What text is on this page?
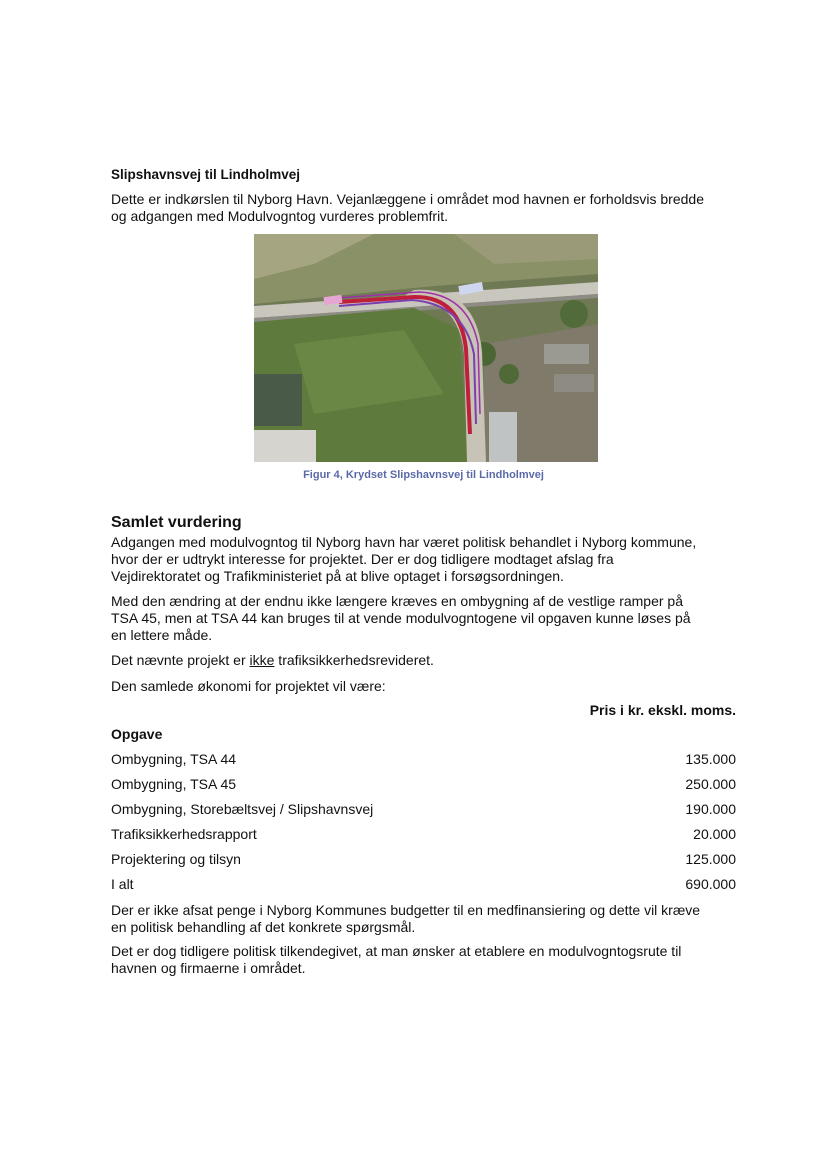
Slipshavnsvej til Lindholmvej

Dette er indkørslen til Nyborg Havn. Vejanlæggene i området mod havnen er forholdsvis bredde
og adgangen med Modulvogntog vurderes problemfrit.

Figur 4, Krydset Slipshavnsvej til Lindholmvej
Samlet vurdering

Adgangen med modulvogntog til Nyborg havn har været politisk behandlet i Nyborg kommune,
hvor der er udtrykt interesse for projektet. Der er dog tidligere modtaget afslag fra
Vejdirektoratet og Trafikministeriet på at blive optaget i forsøgsordningen.

Med den ændring at der endnu ikke længere kræves en ombygning af de vestlige ramper på
TSA 45, men at TSA 44 kan bruges til at vende modulvogntogene vil opgaven kunne løses på
en lettere måde.

Det nævnte projekt er ikke trafiksikkerhedsrevideret.

Den samlede økonomi for projektet vil være:

Pris i kr. ekskl. moms.
Opgave
Ombygning, TSA 44	135.000
Ombygning, TSA 45	250.000
Ombygning, Storebæltsvej / Slipshavnsvej	190.000
Trafiksikkerhedsrapport	20.000
Projektering og tilsyn	125.000
I alt	690.000

Der er ikke afsat penge i Nyborg Kommunes budgetter til en medfinansiering og dette vil kræve
en politisk behandling af det konkrete spørgsmål.

Det er dog tidligere politisk tilkendegivet, at man ønsker at etablere en modulvogntogsrute til
havnen og firmaerne i området.
